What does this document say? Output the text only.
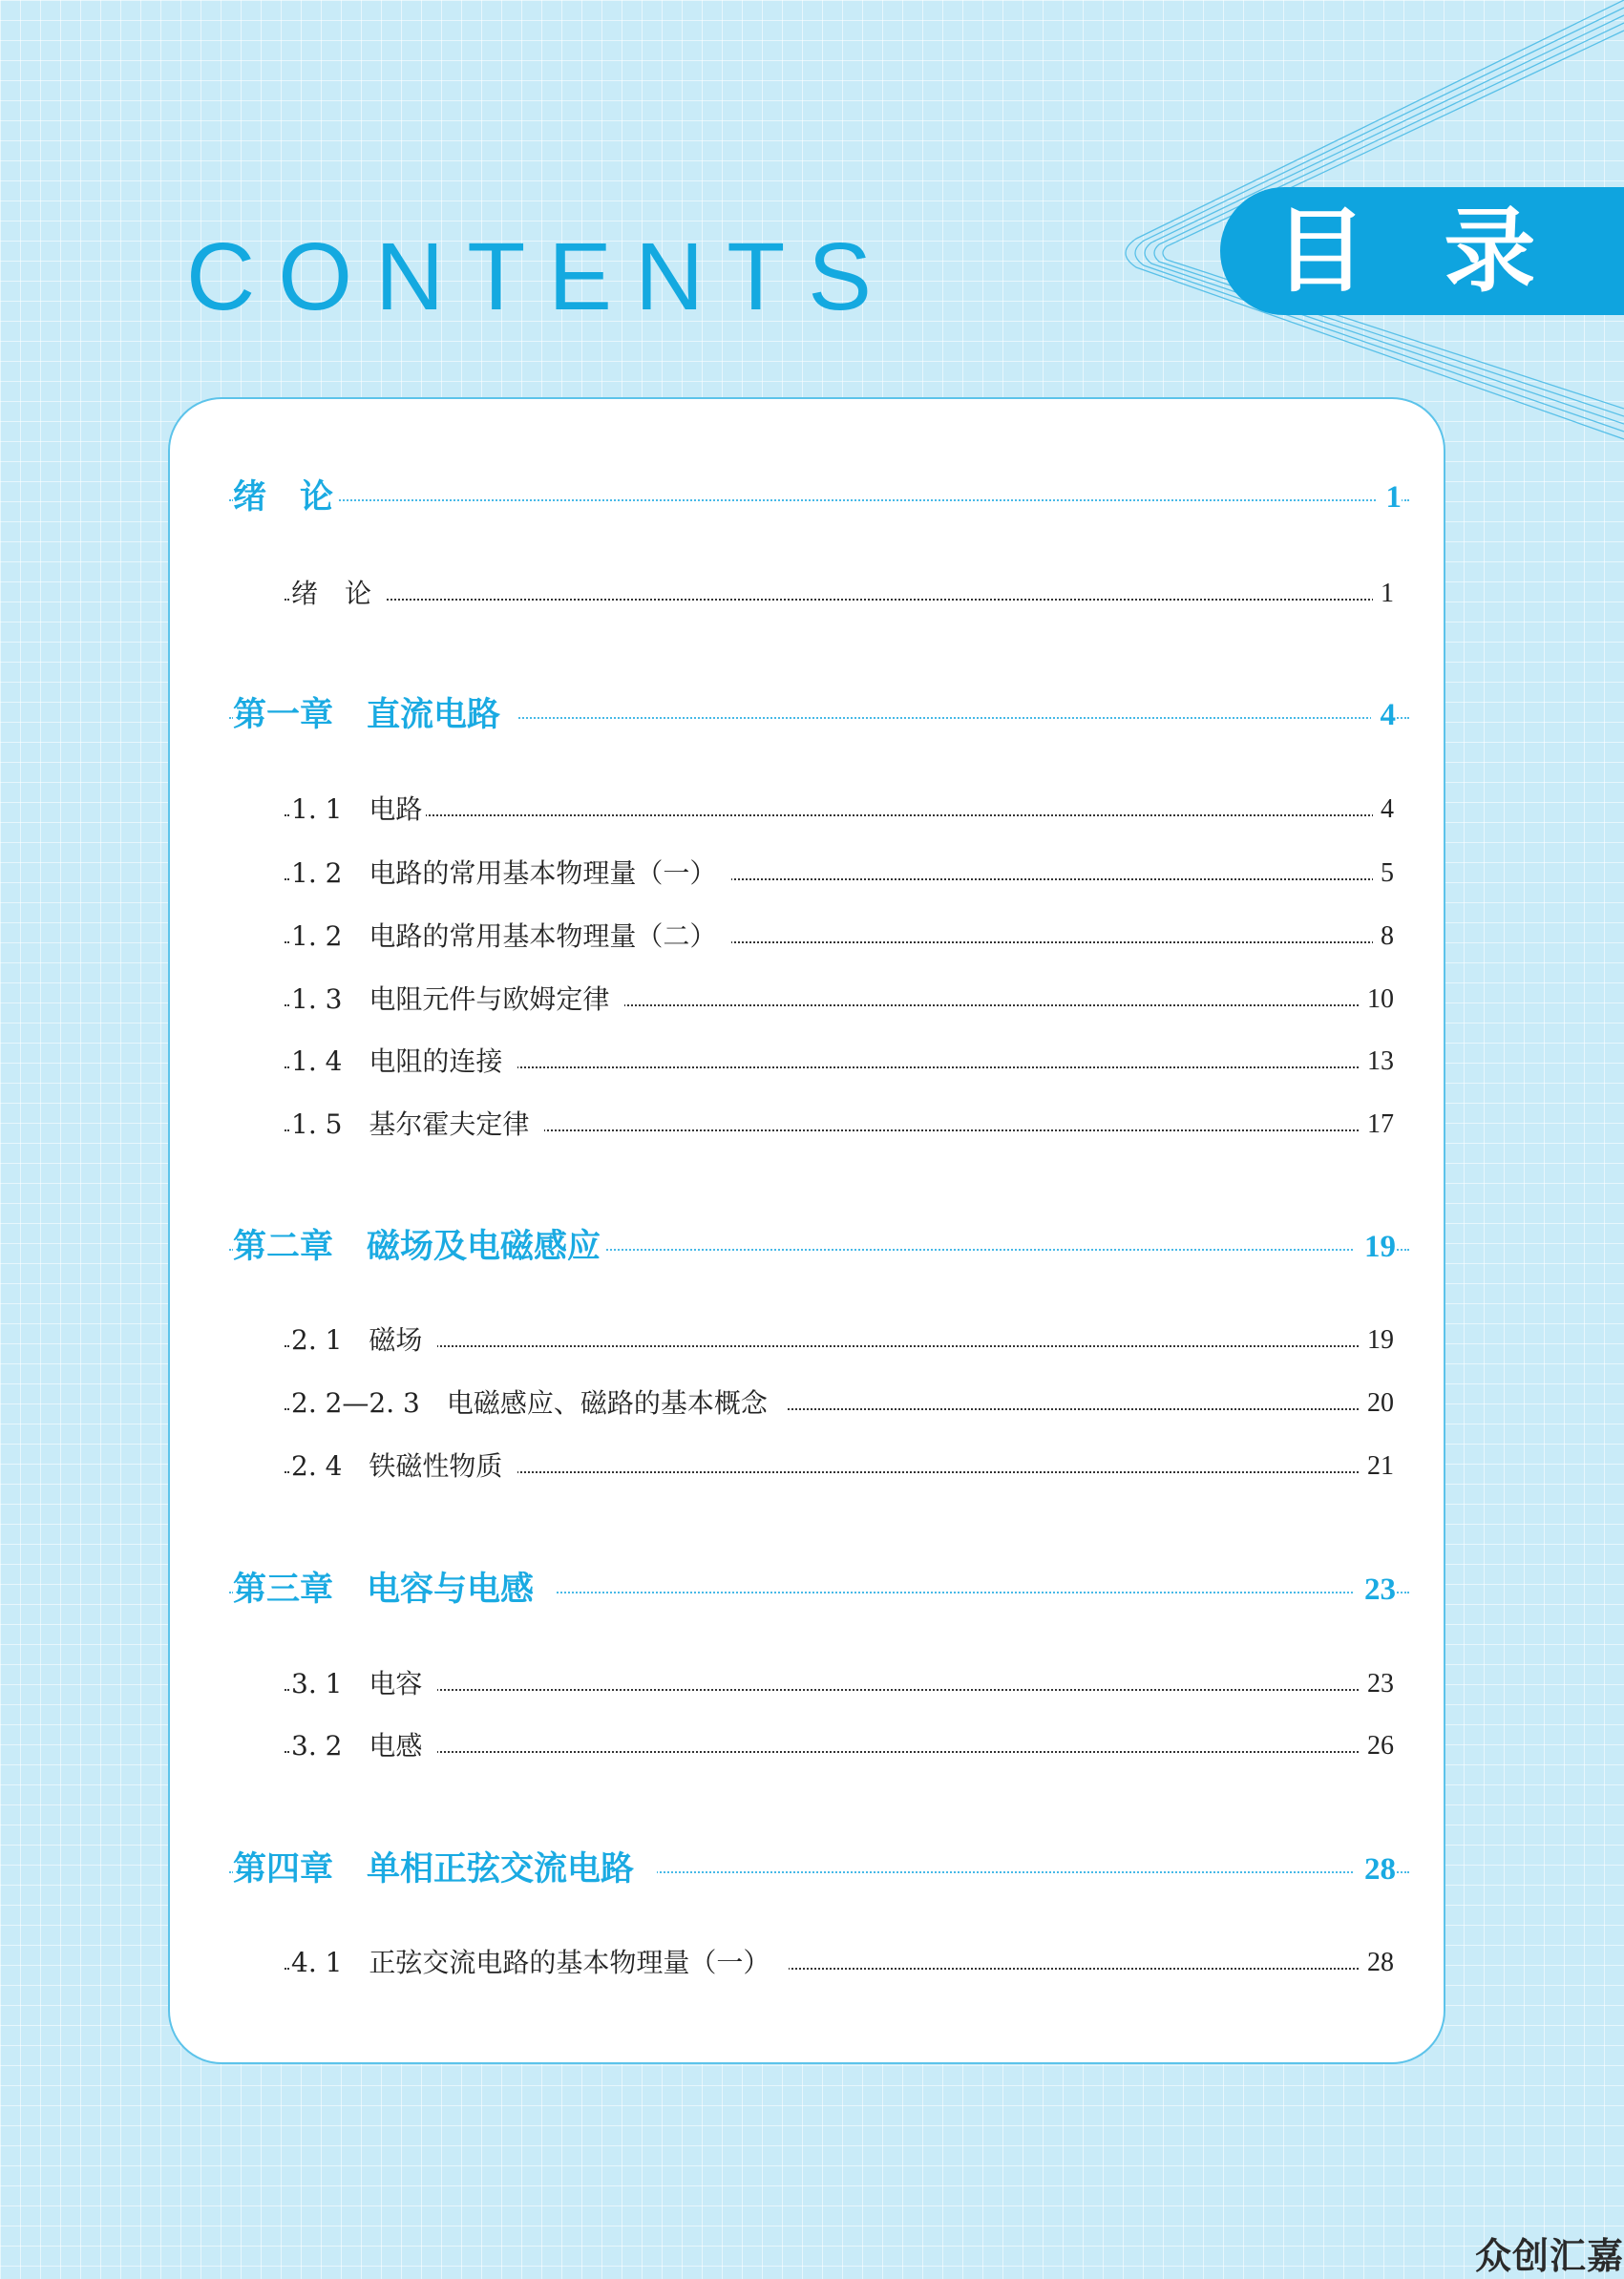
CONTENTS	目 录
绪　论	1
绪　论	1
第一章　直流电路	4
1. 1　电路	4
1. 2　电路的常用基本物理量（一）	5
1. 2　电路的常用基本物理量（二）	8
1. 3　电阻元件与欧姆定律	10
1. 4　电阻的连接	13
1. 5　基尔霍夫定律	17
第二章　磁场及电磁感应	19
2. 1　磁场	19
2. 2—2. 3　电磁感应、磁路的基本概念	20
2. 4　铁磁性物质	21
第三章　电容与电感	23
3. 1　电容	23
3. 2　电感	26
第四章　单相正弦交流电路	28
4. 1　正弦交流电路的基本物理量（一）	28
众创汇嘉
